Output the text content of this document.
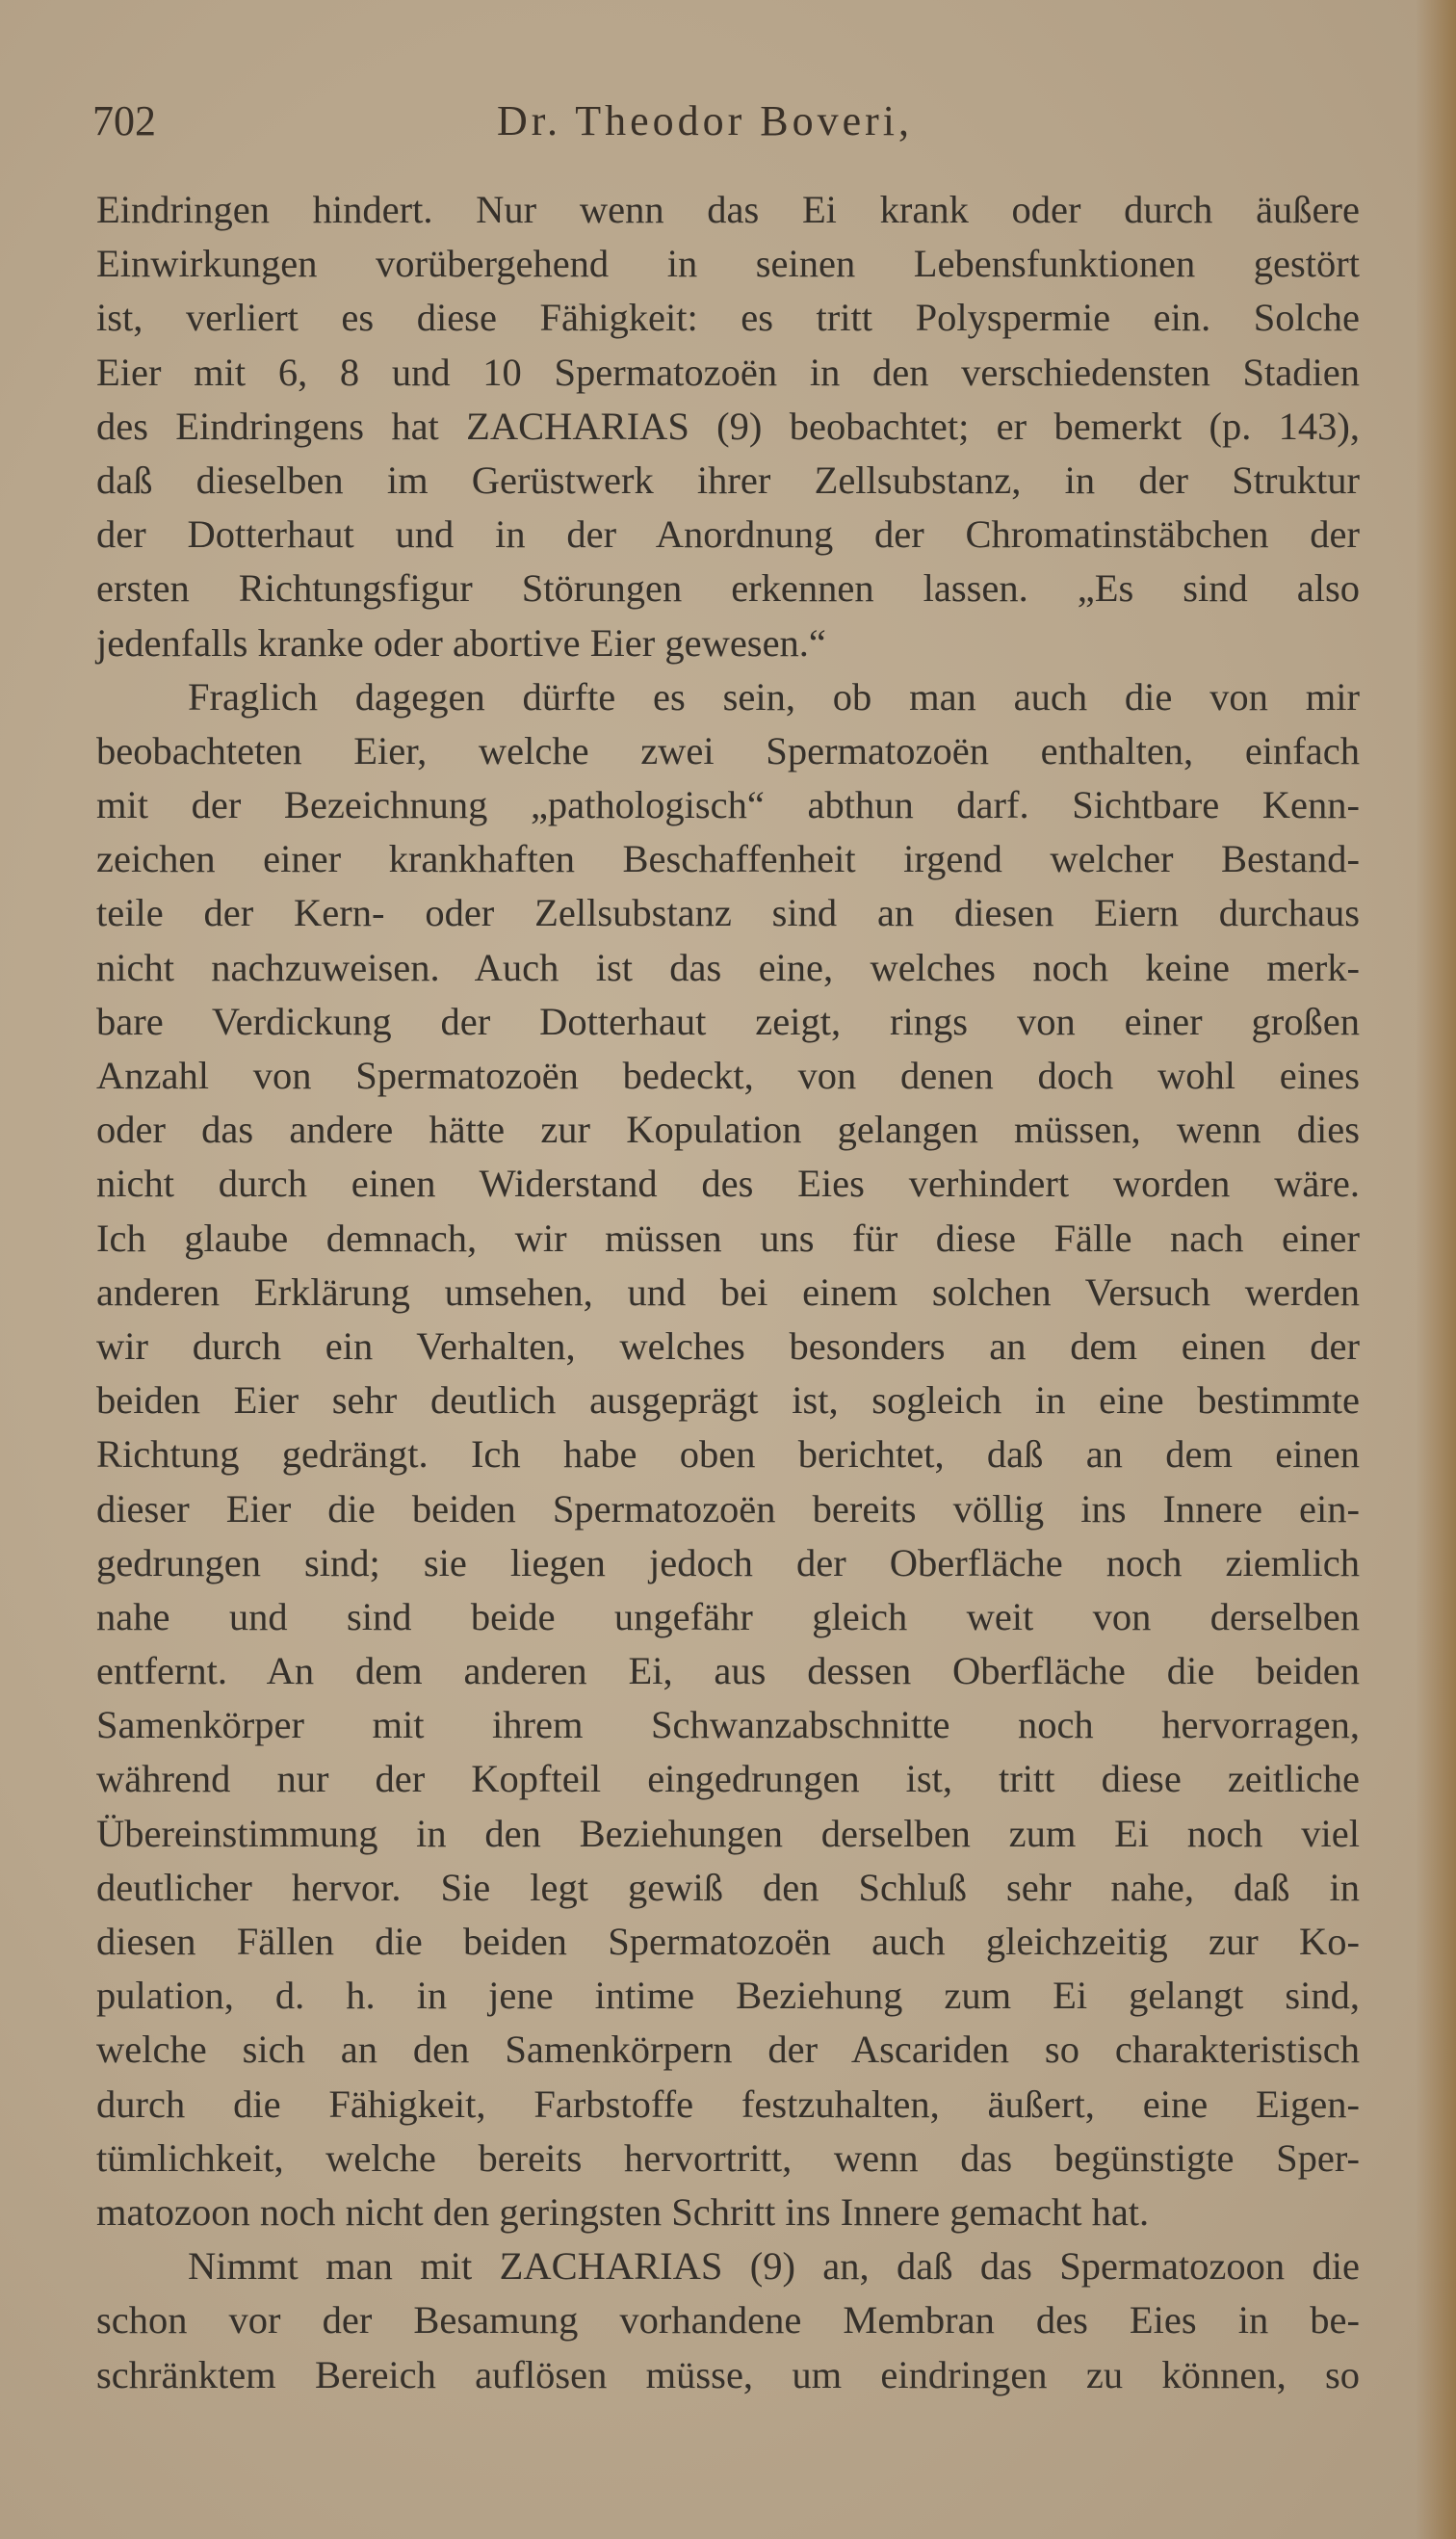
702	Dr. Theodor Boveri,
Eindringen hindert. Nur wenn das Ei krank oder durch äußere
Einwirkungen vorübergehend in seinen Lebensfunktionen gestört
ist, verliert es diese Fähigkeit: es tritt Polyspermie ein. Solche
Eier mit 6, 8 und 10 Spermatozoën in den verschiedensten Stadien
des Eindringens hat ZACHARIAS (9) beobachtet; er bemerkt (p. 143),
daß dieselben im Gerüstwerk ihrer Zellsubstanz, in der Struktur
der Dotterhaut und in der Anordnung der Chromatinstäbchen der
ersten Richtungsfigur Störungen erkennen lassen. „Es sind also
jedenfalls kranke oder abortive Eier gewesen.“
Fraglich dagegen dürfte es sein, ob man auch die von mir
beobachteten Eier, welche zwei Spermatozoën enthalten, einfach
mit der Bezeichnung „pathologisch“ abthun darf. Sichtbare Kenn-
zeichen einer krankhaften Beschaffenheit irgend welcher Bestand-
teile der Kern- oder Zellsubstanz sind an diesen Eiern durchaus
nicht nachzuweisen. Auch ist das eine, welches noch keine merk-
bare Verdickung der Dotterhaut zeigt, rings von einer großen
Anzahl von Spermatozoën bedeckt, von denen doch wohl eines
oder das andere hätte zur Kopulation gelangen müssen, wenn dies
nicht durch einen Widerstand des Eies verhindert worden wäre.
Ich glaube demnach, wir müssen uns für diese Fälle nach einer
anderen Erklärung umsehen, und bei einem solchen Versuch werden
wir durch ein Verhalten, welches besonders an dem einen der
beiden Eier sehr deutlich ausgeprägt ist, sogleich in eine bestimmte
Richtung gedrängt. Ich habe oben berichtet, daß an dem einen
dieser Eier die beiden Spermatozoën bereits völlig ins Innere ein-
gedrungen sind; sie liegen jedoch der Oberfläche noch ziemlich
nahe und sind beide ungefähr gleich weit von derselben
entfernt. An dem anderen Ei, aus dessen Oberfläche die beiden
Samenkörper mit ihrem Schwanzabschnitte noch hervorragen,
während nur der Kopfteil eingedrungen ist, tritt diese zeitliche
Übereinstimmung in den Beziehungen derselben zum Ei noch viel
deutlicher hervor. Sie legt gewiß den Schluß sehr nahe, daß in
diesen Fällen die beiden Spermatozoën auch gleichzeitig zur Ko-
pulation, d. h. in jene intime Beziehung zum Ei gelangt sind,
welche sich an den Samenkörpern der Ascariden so charakteristisch
durch die Fähigkeit, Farbstoffe festzuhalten, äußert, eine Eigen-
tümlichkeit, welche bereits hervortritt, wenn das begünstigte Sper-
matozoon noch nicht den geringsten Schritt ins Innere gemacht hat.
Nimmt man mit ZACHARIAS (9) an, daß das Spermatozoon die
schon vor der Besamung vorhandene Membran des Eies in be-
schränktem Bereich auflösen müsse, um eindringen zu können, so
